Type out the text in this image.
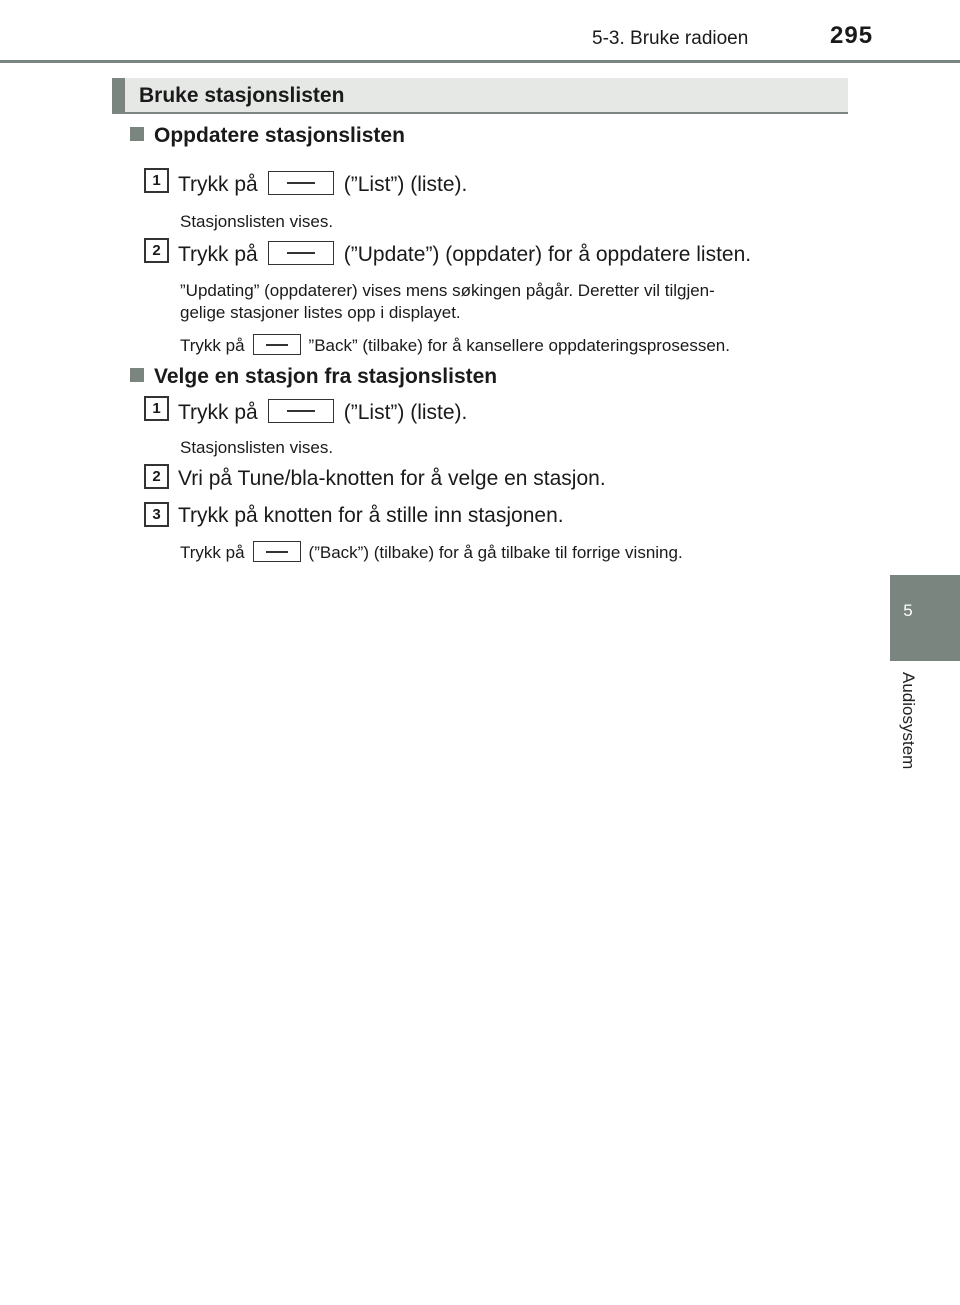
5-3. Bruke radioen	295
5
Audiosystem
Bruke stasjonslisten
Oppdatere stasjonslisten
1 Trykk på	(”List”) (liste).
Stasjonslisten vises.
2 Trykk på	(”Update”) (oppdater) for å oppdatere listen.
”Updating” (oppdaterer) vises mens søkingen pågår. Deretter vil tilgjen-
gelige stasjoner listes opp i displayet.
Trykk på	”Back” (tilbake) for å kansellere oppdateringsprosessen.
Velge en stasjon fra stasjonslisten
1 Trykk på	(”List”) (liste).
Stasjonslisten vises.
2 Vri på Tune/bla-knotten for å velge en stasjon.
3 Trykk på knotten for å stille inn stasjonen.
Trykk på	(”Back”) (tilbake) for å gå tilbake til forrige visning.
